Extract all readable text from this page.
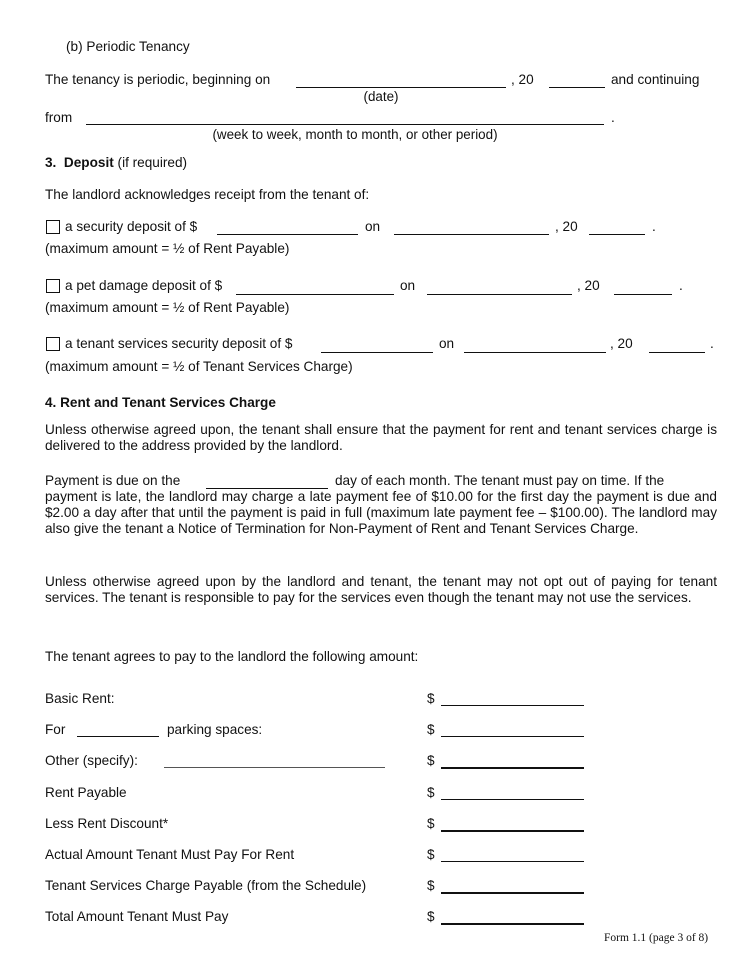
(b) Periodic Tenancy
The tenancy is periodic, beginning on	, 20	and continuing
(date)
from	.
(week to week, month to month, or other period)
3. Deposit (if required)
The landlord acknowledges receipt from the tenant of:
a security deposit of $	on	, 20	.
(maximum amount = ½ of Rent Payable)
a pet damage deposit of $	on	, 20	.
(maximum amount = ½ of Rent Payable)
a tenant services security deposit of $	on	, 20	.
(maximum amount = ½ of Tenant Services Charge)
4. Rent and Tenant Services Charge
Unless otherwise agreed upon, the tenant shall ensure that the payment for rent and tenant services charge is delivered to the address provided by the landlord.
Payment is due on the	day of each month. The tenant must pay on time. If the
payment is late, the landlord may charge a late payment fee of $10.00 for the first day the payment is due and $2.00 a day after that until the payment is paid in full (maximum late payment fee – $100.00). The landlord may also give the tenant a Notice of Termination for Non-Payment of Rent and Tenant Services Charge.
Unless otherwise agreed upon by the landlord and tenant, the tenant may not opt out of paying for tenant services. The tenant is responsible to pay for the services even though the tenant may not use the services.
The tenant agrees to pay to the landlord the following amount:
Basic Rent:	$
For	parking spaces:	$
Other (specify):	$
Rent Payable	$
Less Rent Discount*	$
Actual Amount Tenant Must Pay For Rent	$
Tenant Services Charge Payable (from the Schedule)	$
Total Amount Tenant Must Pay	$
Form 1.1 (page 3 of 8)
